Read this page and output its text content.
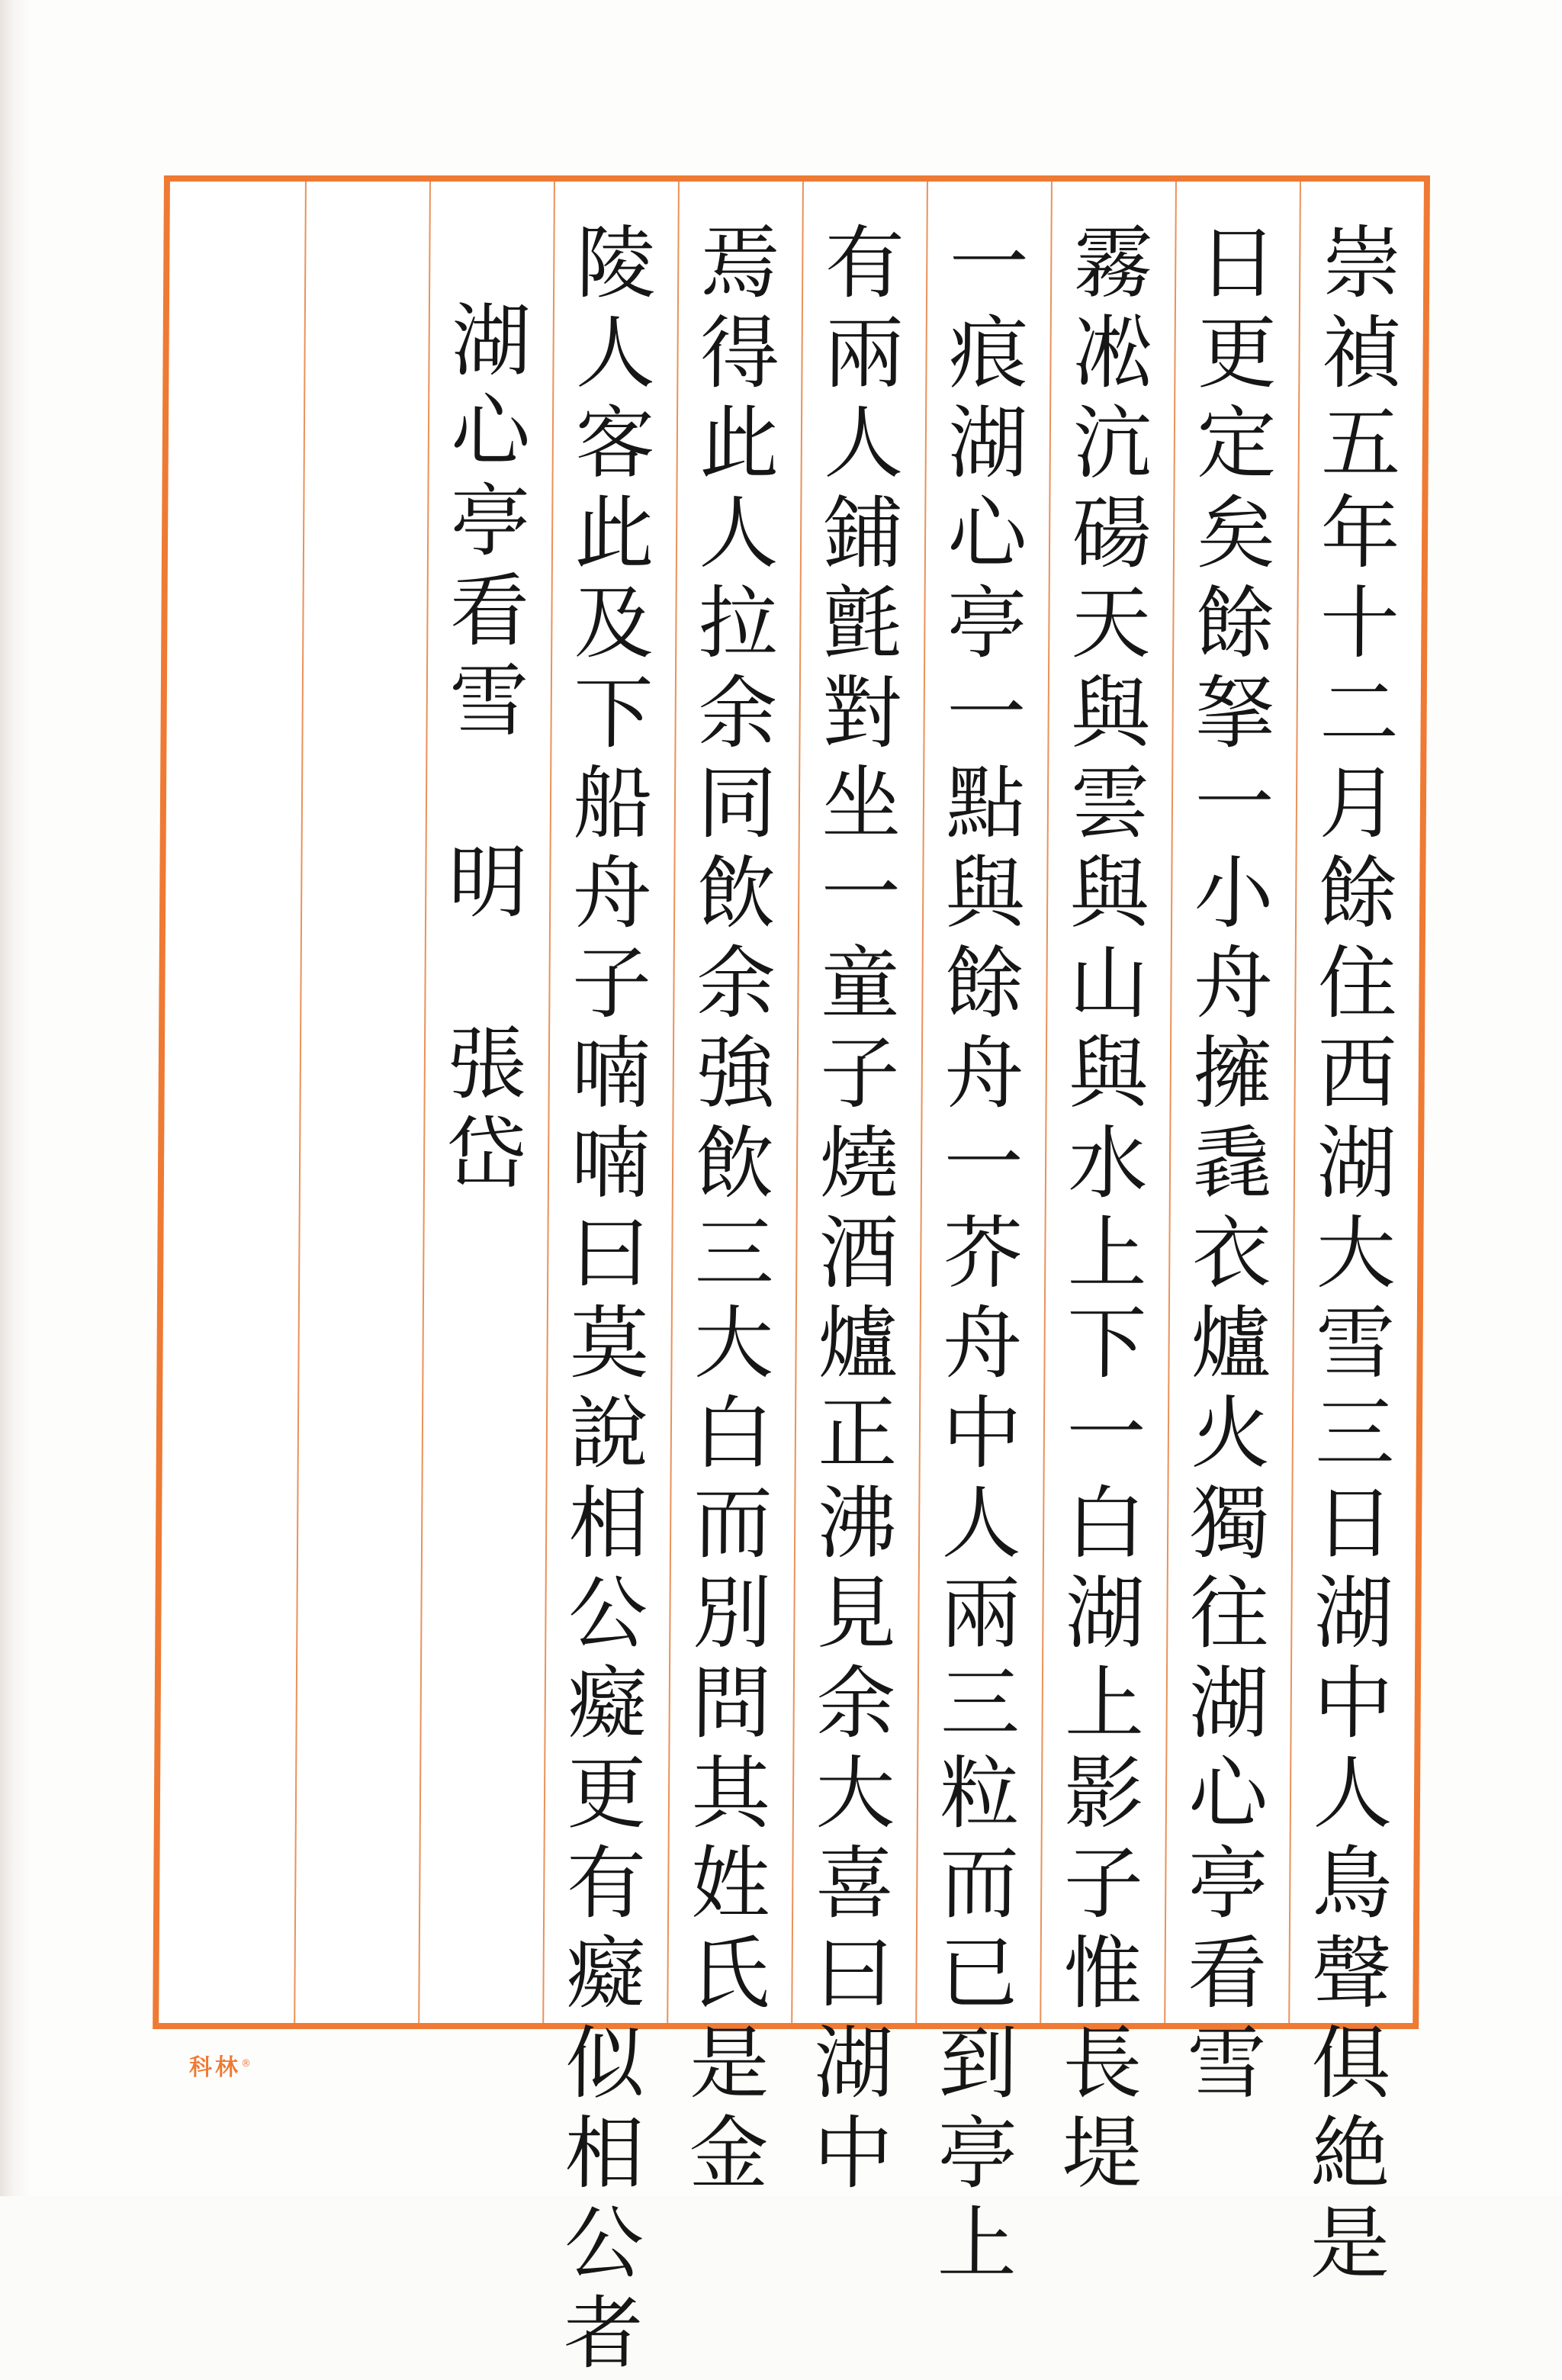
崇
禎
五
年
十
二
月
餘
住
西
湖
大
雪
三
日
湖
中
人
鳥
聲
俱
絶
是
日
更
定
矣
餘
拏
一
小
舟
擁
毳
衣
爐
火
獨
往
湖
心
亭
看
雪
霧
凇
沆
碭
天
與
雲
與
山
與
水
上
下
一
白
湖
上
影
子
惟
長
堤
一
痕
湖
心
亭
一
點
與
餘
舟
一
芥
舟
中
人
兩
三
粒
而
已
到
亭
上
有
兩
人
鋪
氈
對
坐
一
童
子
燒
酒
爐
正
沸
見
余
大
喜
曰
湖
中
焉
得
此
人
拉
余
同
飲
余
強
飲
三
大
白
而
別
問
其
姓
氏
是
金
陵
人
客
此
及
下
船
舟
子
喃
喃
曰
莫
說
相
公
癡
更
有
癡
似
相
公
者
湖
心
亭
看
雪
明
張
岱
科林®
